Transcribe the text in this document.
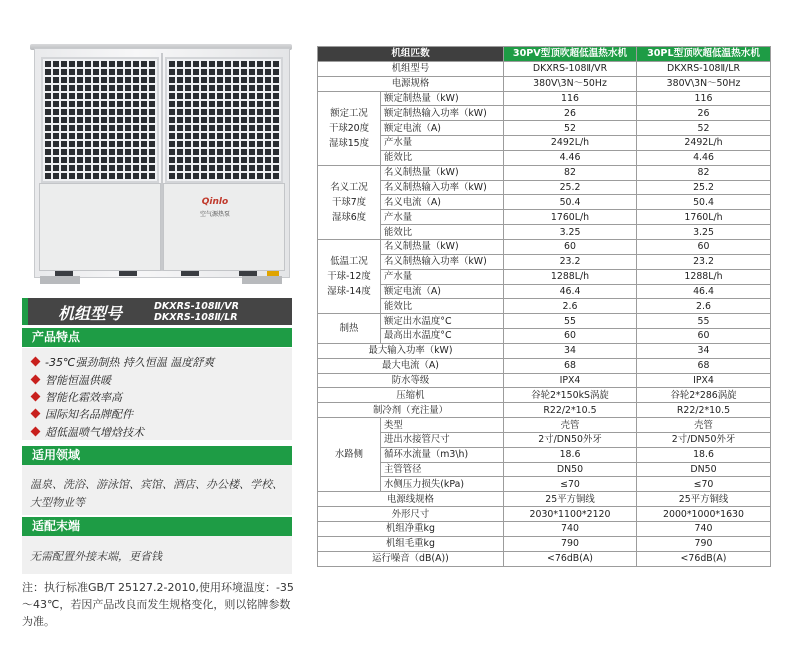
Qinlo
空气源热泵
机组型号	DKXRS-108Ⅱ/VR
DKXRS-108Ⅱ/LR
产品特点
-35℃强劲制热 持久恒温 温度舒爽
智能恒温供暖
智能化霜效率高
国际知名品牌配件
超低温喷气增焓技术
适用领域
温泉、洗浴、游泳馆、宾馆、酒店、办公楼、学校、大型物业等
适配末端
无需配置外接末端，更省钱
注：执行标准GB/T 25127.2-2010,使用环境温度：-35～43℃，若因产品改良而发生规格变化，则以铭牌参数为准。
机组匹数		30PV型顶吹超低温热水机	30PL型顶吹超低温热水机
机组型号		DKXRS-108Ⅱ/VR	DKXRS-108Ⅱ/LR
电源规格		380V\3N～50Hz	380V\3N～50Hz
额定工况
干球20度
湿球15度	额定制热量（kW)	116	116
	额定制热输入功率（kW)	26	26
	额定电流（A)	52	52
	产水量	2492L/h	2492L/h
	能效比	4.46	4.46
名义工况
干球7度
湿球6度	名义制热量（kW)	82	82
	名义制热输入功率（kW)	25.2	25.2
	名义电流（A)	50.4	50.4
	产水量	1760L/h	1760L/h
	能效比	3.25	3.25
低温工况
干球-12度
湿球-14度	名义制热量（kW)	60	60
	名义制热输入功率（kW)	23.2	23.2
	产水量	1288L/h	1288L/h
	额定电流（A)	46.4	46.4
	能效比	2.6	2.6
制热	额定出水温度°C	55	55
	最高出水温度°C	60	60
最大输入功率（kW)		34	34
最大电流（A)		68	68
防水等级		IPX4	IPX4
压缩机		谷轮2*150kS涡旋	谷轮2*286涡旋
制冷剂（充注量）		R22/2*10.5	R22/2*10.5
水路侧	类型	壳管	壳管
	进出水接管尺寸	2寸/DN50外牙	2寸/DN50外牙
	循环水流量（m3\h)	18.6	18.6
	主管管径	DN50	DN50
	水侧压力损失(kPa)	≤70	≤70
电源线规格		25平方铜线	25平方铜线
外形尺寸		2030*1100*2120	2000*1000*1630
机组净重kg		740	740
机组毛重kg		790	790
运行噪音（dB(A))		<76dB(A)	<76dB(A)
